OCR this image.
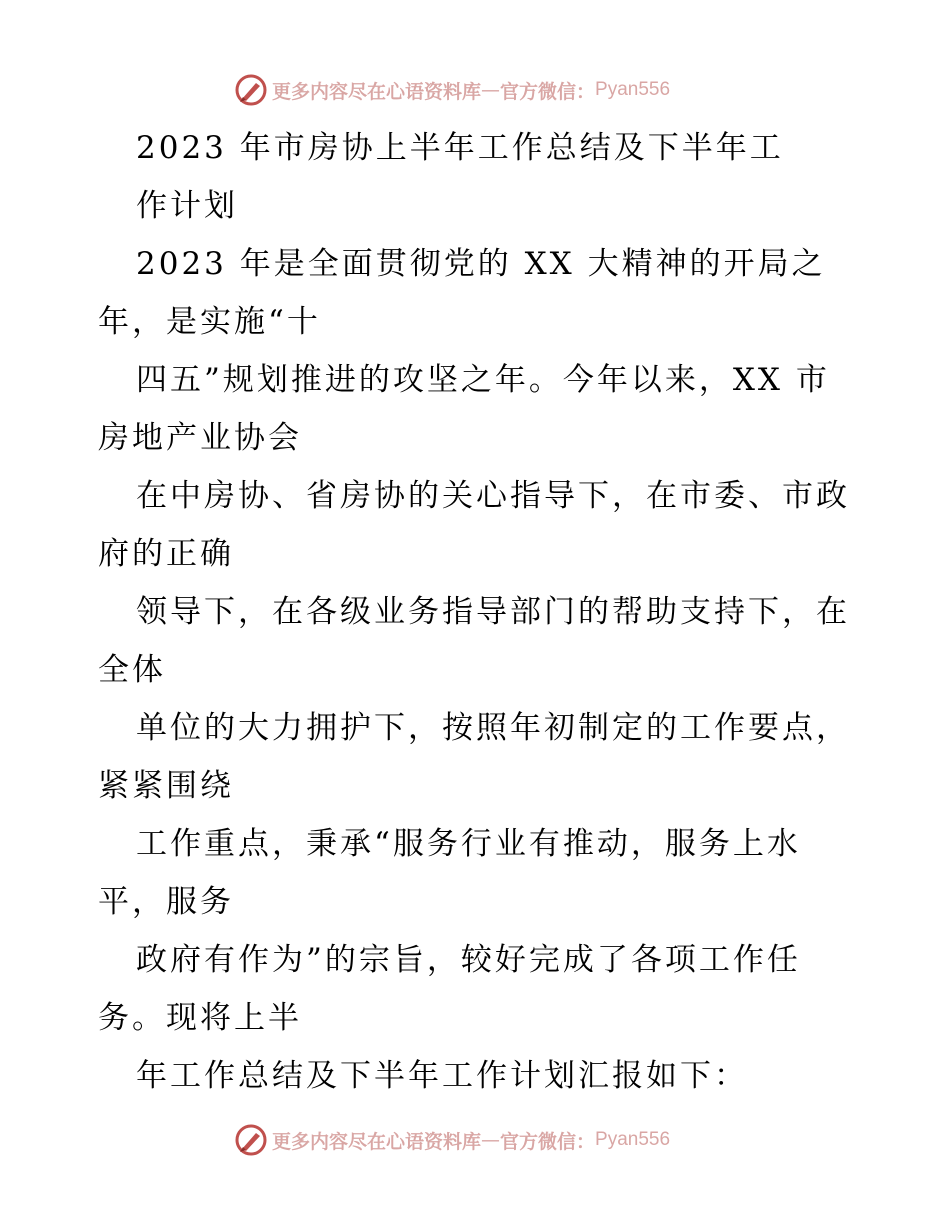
更多内容尽在心语资料库 — 官方微信： Pyan556
2023 年市房协上半年工作总结及下半年工
作计划
2023 年是全面贯彻党的 XX 大精神的开局之
年，是实施“十
四五”规划推进的攻坚之年。今年以来，XX 市
房地产业协会
在中房协、省房协的关心指导下，在市委、市政
府的正确
领导下，在各级业务指导部门的帮助支持下，在
全体
单位的大力拥护下，按照年初制定的工作要点，
紧紧围绕
工作重点，秉承“服务行业有推动，服务上水
平，服务
政府有作为”的宗旨，较好完成了各项工作任
务。现将上半
年工作总结及下半年工作计划汇报如下：
更多内容尽在心语资料库 — 官方微信： Pyan556
